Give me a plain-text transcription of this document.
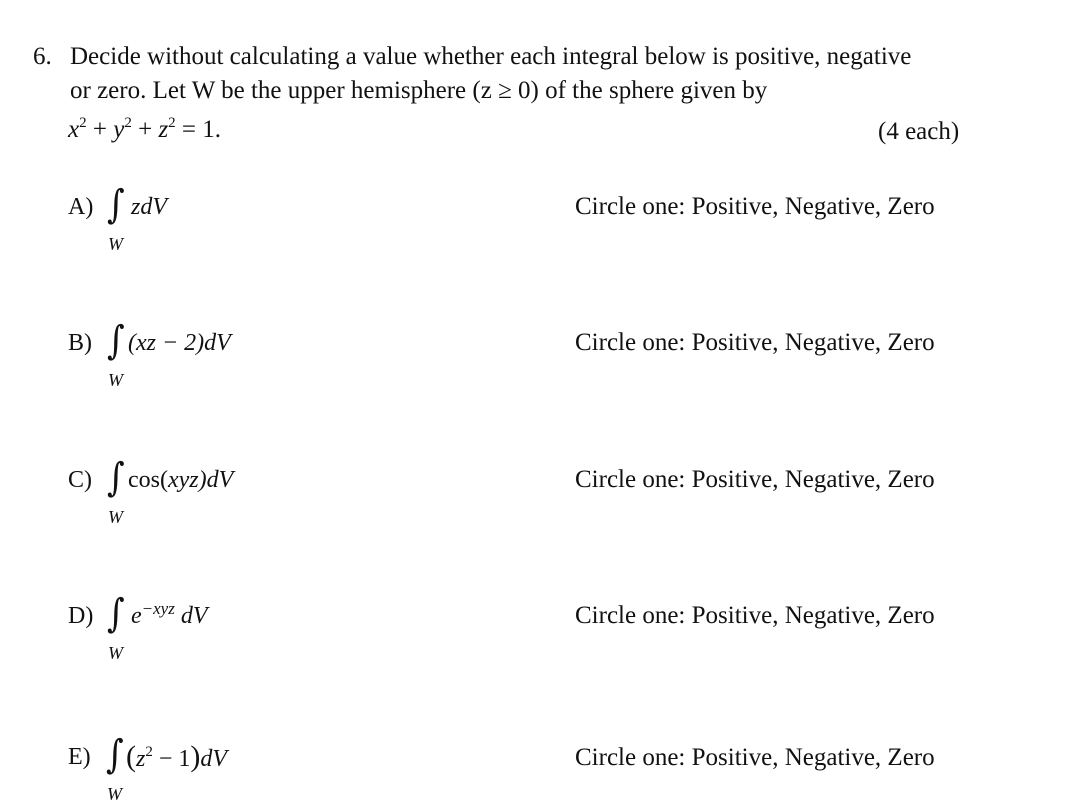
6. Decide without calculating a value whether each integral below is positive, negative
or zero. Let W be the upper hemisphere (z ≥ 0) of the sphere given by
$x^2 + y^2 + z^2 = 1$.	(4 each)
A) ∫
W
zdV	Circle one: Positive, Negative, Zero
B) ∫
W
(xz − 2)dV	Circle one: Positive, Negative, Zero
C) ∫
W
cos(xyz)dV	Circle one: Positive, Negative, Zero
D) ∫
W
$e^{-xyz}$ dV	Circle one: Positive, Negative, Zero
E) ∫
W
$(z^2 - 1)dV$	Circle one: Positive, Negative, Zero
